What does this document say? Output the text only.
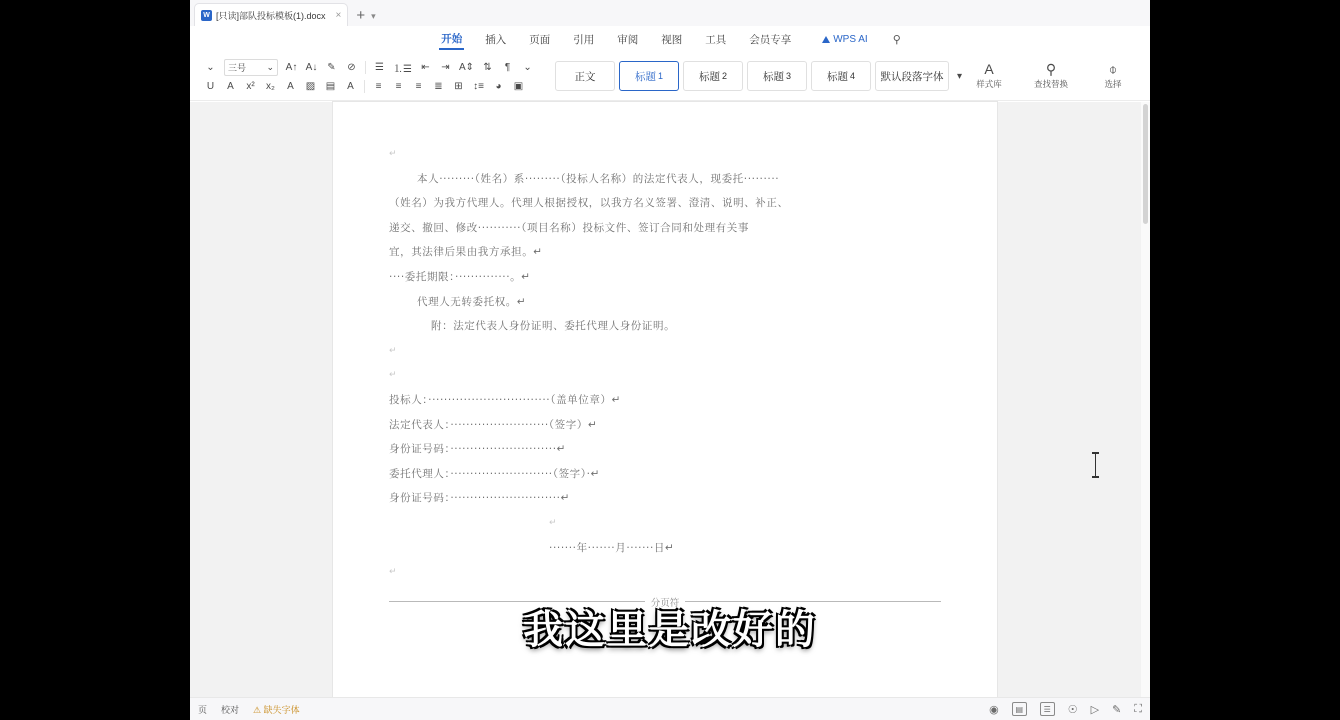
W [只读]部队投标模板(1).docx × + ▾
开始 插入 页面 引用 审阅 视图 工具 会员专享	WPS AI ⚲
⌄ 三号 ⌄ A↑ A↓ ✎ ⊘ ☰ ⒈☰ ⇤ ⇥ A⇕ ⇅	¶	⌄
U	A	x² x₂	A	▨ ▤	A	≡	≡	≡	≣ ⊞ ↕≡	◕	▣
正文	标题 1	标题 2	标题 3	标题 4 默认段落字体	▾ A
样式库
⚲
查找替换
⌽
选择
↵
本人·········（姓名）系·········（投标人名称）的法定代表人，现委托·········
（姓名）为我方代理人。代理人根据授权，以我方名义签署、澄清、说明、补正、
递交、撤回、修改···········（项目名称）投标文件、签订合同和处理有关事
宜，其法律后果由我方承担。↵
····委托期限：··············。↵
代理人无转委托权。↵
附：法定代表人身份证明、委托代理人身份证明。
↵
↵
投标人：·······························（盖单位章）↵
法定代表人：·························（签字）↵
身份证号码：···························↵
委托代理人：··························（签字）·↵
身份证号码：····························↵
↵
·······年·······月·······日↵
↵
分页符
我这里是改好的
页 校对 ⚠ 缺失字体	◉	▤	☰	☉ ▷ ✎ ⛶
